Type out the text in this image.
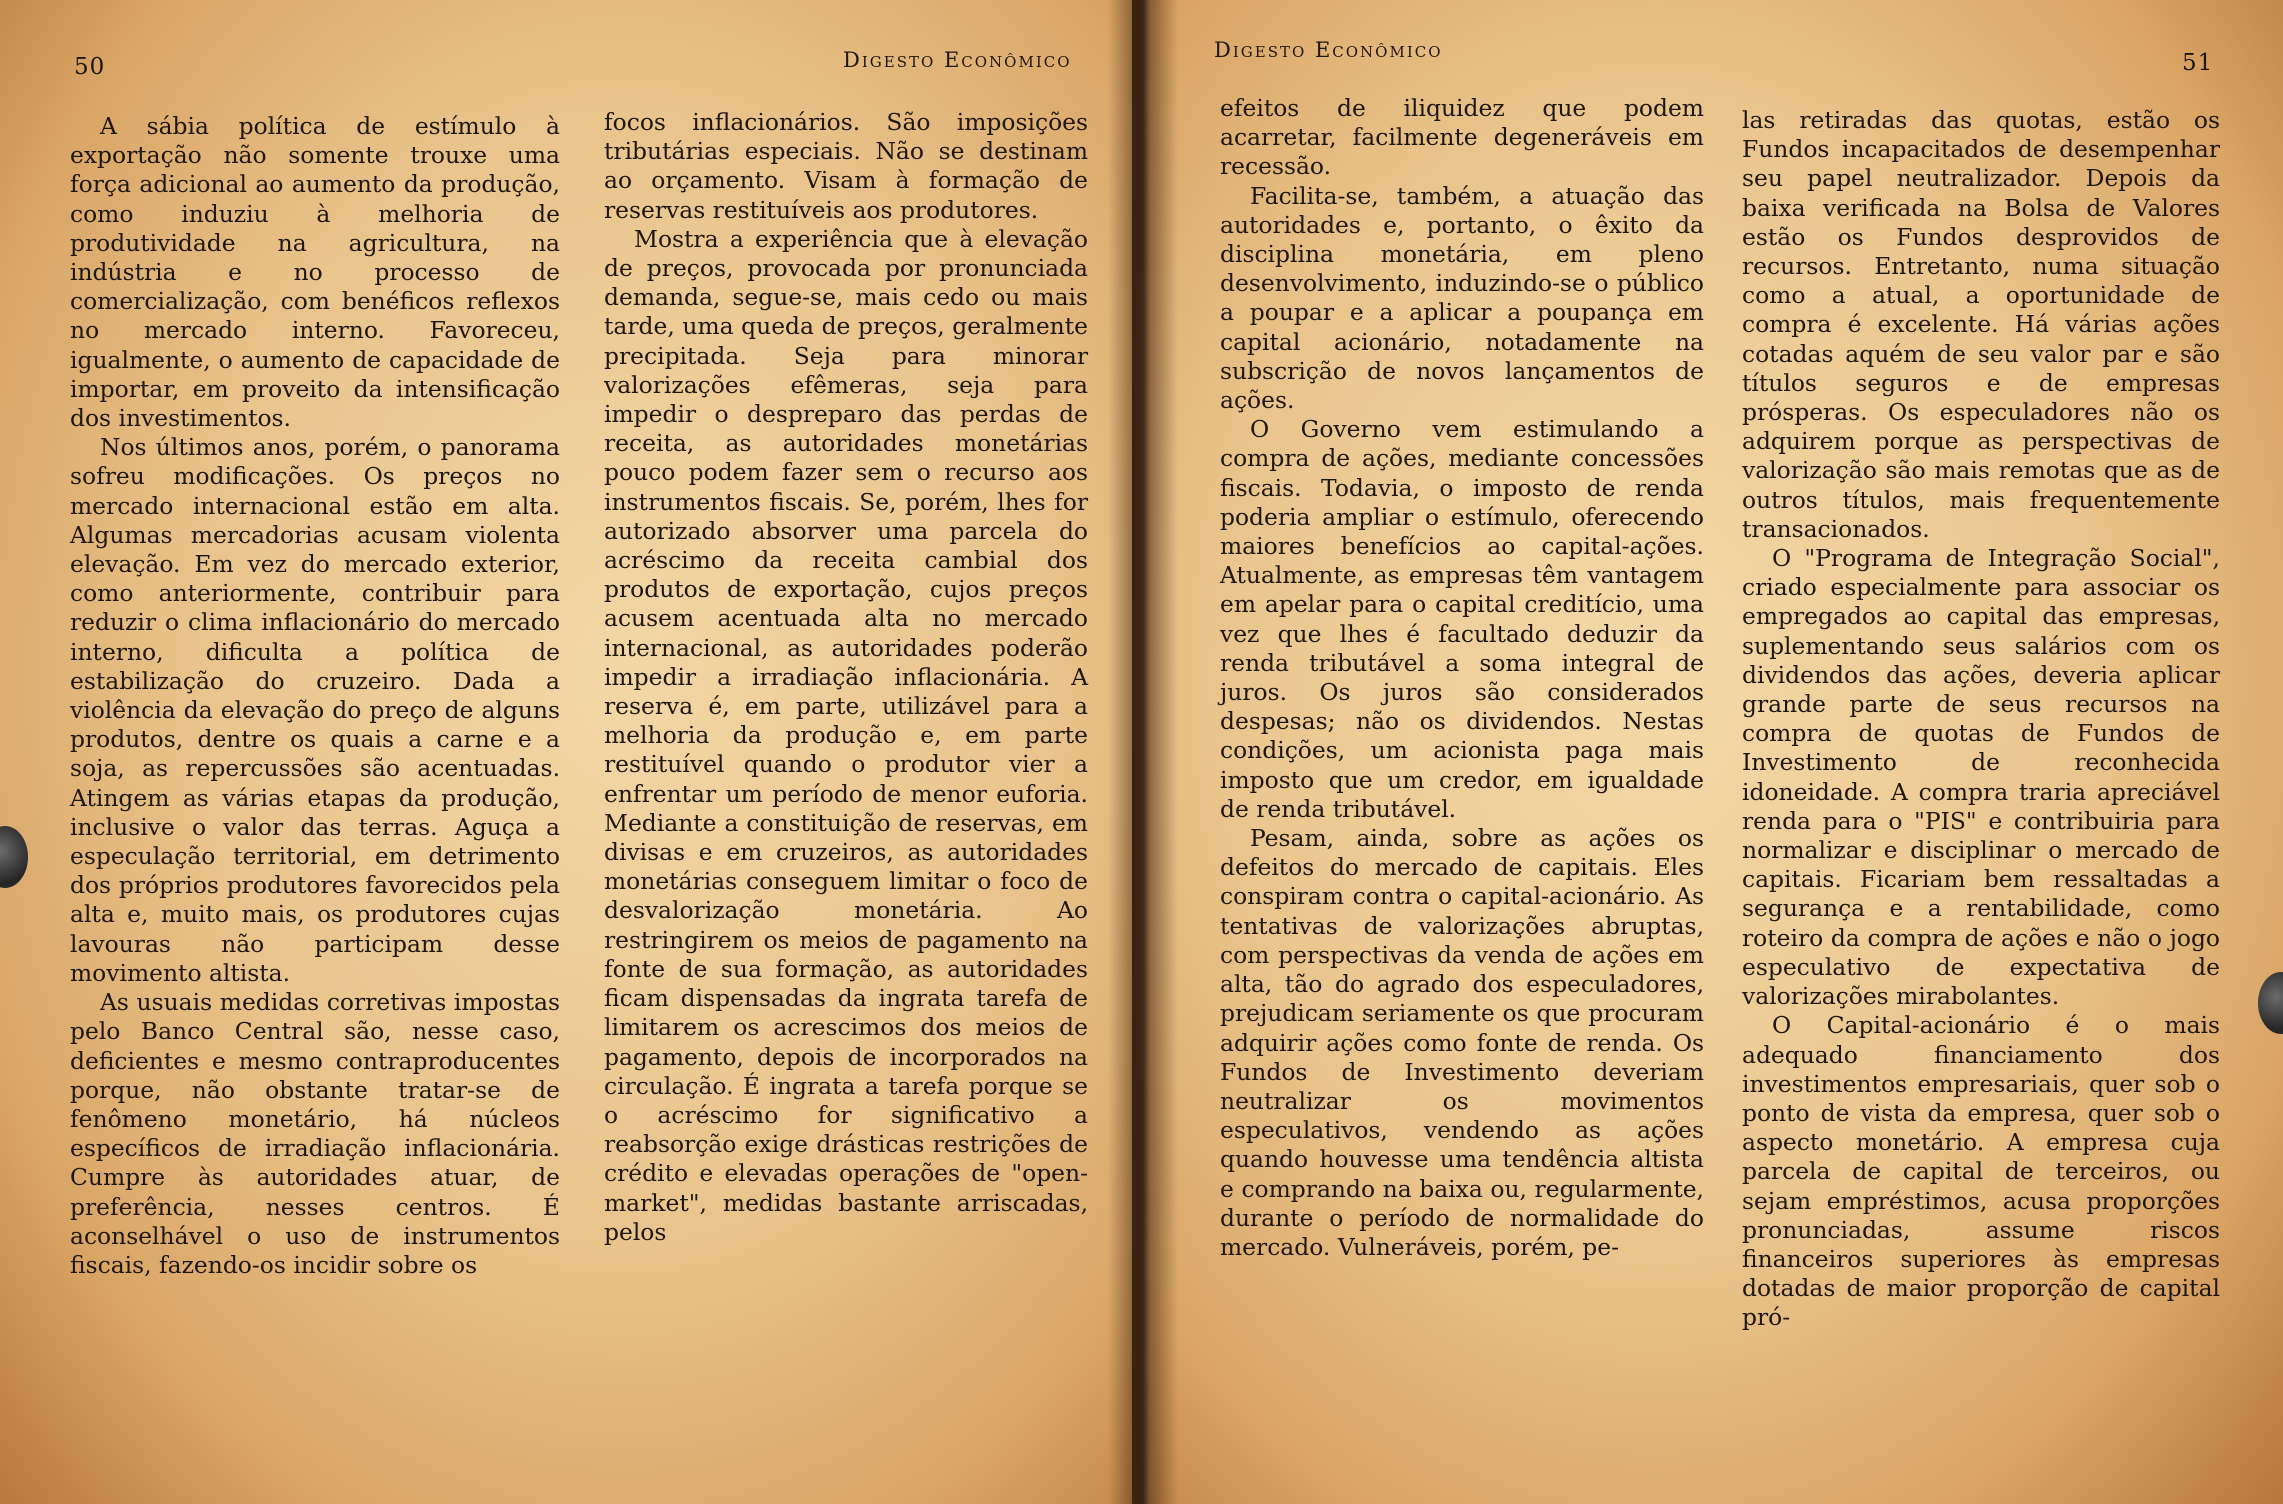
50	Digesto Econômico

A sábia política de estímulo à exportação não somente trouxe uma força adicional ao aumento da produção, como induziu à melhoria de produtividade na agricultura, na indústria e no processo de comercialização, com benéficos reflexos no mercado interno. Favoreceu, igualmente, o aumento de capacidade de importar, em proveito da intensificação dos investimentos.

Nos últimos anos, porém, o panorama sofreu modificações. Os preços no mercado internacional estão em alta. Algumas mercadorias acusam violenta elevação. Em vez do mercado exterior, como anteriormente, contribuir para reduzir o clima inflacionário do mercado interno, dificulta a política de estabilização do cruzeiro. Dada a violência da elevação do preço de alguns produtos, dentre os quais a carne e a soja, as repercussões são acentuadas. Atingem as várias etapas da produção, inclusive o valor das terras. Aguça a especulação territorial, em detrimento dos próprios produtores favorecidos pela alta e, muito mais, os produtores cujas lavouras não participam desse movimento altista.

As usuais medidas corretivas impostas pelo Banco Central são, nesse caso, deficientes e mesmo contraproducentes porque, não obstante tratar-se de fenômeno monetário, há núcleos específicos de irradiação inflacionária. Cumpre às autoridades atuar, de preferência, nesses centros. É aconselhável o uso de instrumentos fiscais, fazendo-os incidir sobre os

focos inflacionários. São imposições tributárias especiais. Não se destinam ao orçamento. Visam à formação de reservas restituíveis aos produtores.

Mostra a experiência que à elevação de preços, provocada por pronunciada demanda, segue-se, mais cedo ou mais tarde, uma queda de preços, geralmente precipitada. Seja para minorar valorizações efêmeras, seja para impedir o despreparo das perdas de receita, as autoridades monetárias pouco podem fazer sem o recurso aos instrumentos fiscais. Se, porém, lhes for autorizado absorver uma parcela do acréscimo da receita cambial dos produtos de exportação, cujos preços acusem acentuada alta no mercado internacional, as autoridades poderão impedir a irradiação inflacionária. A reserva é, em parte, utilizável para a melhoria da produção e, em parte restituível quando o produtor vier a enfrentar um período de menor euforia. Mediante a constituição de reservas, em divisas e em cruzeiros, as autoridades monetárias conseguem limitar o foco de desvalorização monetária. Ao restringirem os meios de pagamento na fonte de sua formação, as autoridades ficam dispensadas da ingrata tarefa de limitarem os acrescimos dos meios de pagamento, depois de incorporados na circulação. É ingrata a tarefa porque se o acréscimo for significativo a reabsorção exige drásticas restrições de crédito e elevadas operações de "open-market", medidas bastante arriscadas, pelos

Digesto Econômico	51

efeitos de iliquidez que podem acarretar, facilmente degeneráveis em recessão.

Facilita-se, também, a atuação das autoridades e, portanto, o êxito da disciplina monetária, em pleno desenvolvimento, induzindo-se o público a poupar e a aplicar a poupança em capital acionário, notadamente na subscrição de novos lançamentos de ações.

O Governo vem estimulando a compra de ações, mediante concessões fiscais. Todavia, o imposto de renda poderia ampliar o estímulo, oferecendo maiores benefícios ao capital-ações. Atualmente, as empresas têm vantagem em apelar para o capital creditício, uma vez que lhes é facultado deduzir da renda tributável a soma integral de juros. Os juros são considerados despesas; não os dividendos. Nestas condições, um acionista paga mais imposto que um credor, em igualdade de renda tributável.

Pesam, ainda, sobre as ações os defeitos do mercado de capitais. Eles conspiram contra o capital-acionário. As tentativas de valorizações abruptas, com perspectivas da venda de ações em alta, tão do agrado dos especuladores, prejudicam seriamente os que procuram adquirir ações como fonte de renda. Os Fundos de Investimento deveriam neutralizar os movimentos especulativos, vendendo as ações quando houvesse uma tendência altista e comprando na baixa ou, regularmente, durante o período de normalidade do mercado. Vulneráveis, porém, pe-

las retiradas das quotas, estão os Fundos incapacitados de desempenhar seu papel neutralizador. Depois da baixa verificada na Bolsa de Valores estão os Fundos desprovidos de recursos. Entretanto, numa situação como a atual, a oportunidade de compra é excelente. Há várias ações cotadas aquém de seu valor par e são títulos seguros e de empresas prósperas. Os especuladores não os adquirem porque as perspectivas de valorização são mais remotas que as de outros títulos, mais frequentemente transacionados.

O "Programa de Integração Social", criado especialmente para associar os empregados ao capital das empresas, suplementando seus salários com os dividendos das ações, deveria aplicar grande parte de seus recursos na compra de quotas de Fundos de Investimento de reconhecida idoneidade. A compra traria apreciável renda para o "PIS" e contribuiria para normalizar e disciplinar o mercado de capitais. Ficariam bem ressaltadas a segurança e a rentabilidade, como roteiro da compra de ações e não o jogo especulativo de expectativa de valorizações mirabolantes.

O Capital-acionário é o mais adequado financiamento dos investimentos empresariais, quer sob o ponto de vista da empresa, quer sob o aspecto monetário. A empresa cuja parcela de capital de terceiros, ou sejam empréstimos, acusa proporções pronunciadas, assume riscos financeiros superiores às empresas dotadas de maior proporção de capital pró-
